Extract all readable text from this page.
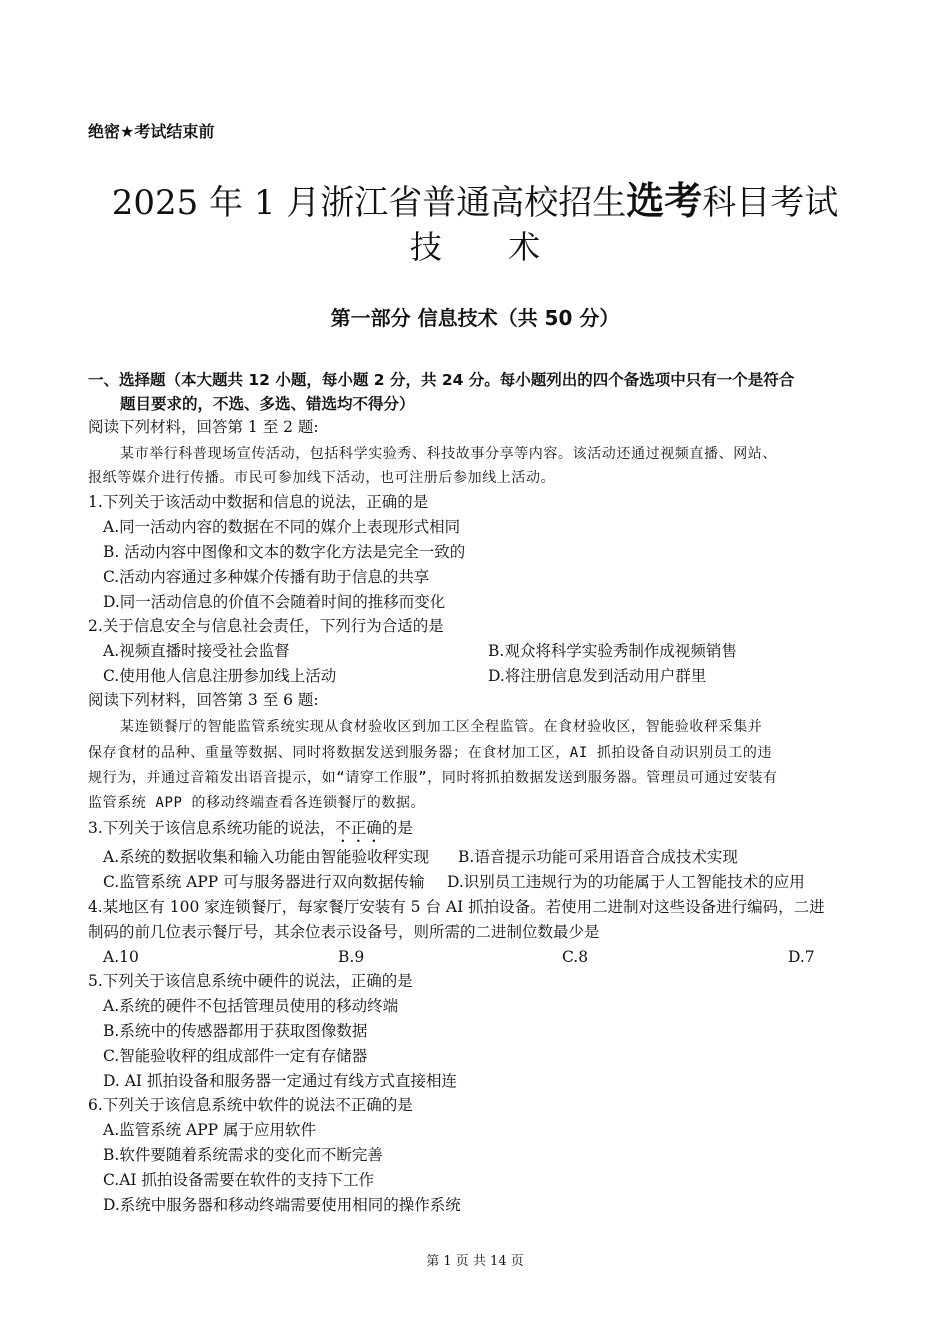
绝密★考试结束前
2025 年 1 月浙江省普通高校招生选考科目考试
技 术
第一部分 信息技术（共 50 分）
一、选择题（本大题共 12 小题，每小题 2 分，共 24 分。每小题列出的四个备选项中只有一个是符合
题目要求的，不选、多选、错选均不得分）
阅读下列材料，回答第 1 至 2 题:
某市举行科普现场宣传活动，包括科学实验秀、科技故事分享等内容。该活动还通过视频直播、网站、
报纸等媒介进行传播。市民可参加线下活动，也可注册后参加线上活动。
1.下列关于该活动中数据和信息的说法，正确的是
A.同一活动内容的数据在不同的媒介上表现形式相同
B. 活动内容中图像和文本的数字化方法是完全一致的
C.活动内容通过多种媒介传播有助于信息的共享
D.同一活动信息的价值不会随着时间的推移而变化
2.关于信息安全与信息社会责任，下列行为合适的是
A.视频直播时接受社会监督	B.观众将科学实验秀制作成视频销售
C.使用他人信息注册参加线上活动	D.将注册信息发到活动用户群里
阅读下列材料，回答第 3 至 6 题:
某连锁餐厅的智能监管系统实现从食材验收区到加工区全程监管。在食材验收区，智能验收秤采集并
保存食材的品种、重量等数据、同时将数据发送到服务器；在食材加工区，AI 抓拍设备自动识别员工的违
规行为，并通过音箱发出语音提示，如“请穿工作服”，同时将抓拍数据发送到服务器。管理员可通过安装有
监管系统 APP 的移动终端查看各连锁餐厅的数据。
3.下列关于该信息系统功能的说法，不正确的是
A.系统的数据收集和输入功能由智能验收秤实现 B.语音提示功能可采用语音合成技术实现
C.监管系统 APP 可与服务器进行双向数据传输 D.识别员工违规行为的功能属于人工智能技术的应用
4.某地区有 100 家连锁餐厅，每家餐厅安装有 5 台 AI 抓拍设备。若使用二进制对这些设备进行编码，二进
制码的前几位表示餐厅号，其余位表示设备号，则所需的二进制位数最少是
A.10	B.9	C.8	D.7
5.下列关于该信息系统中硬件的说法，正确的是
A.系统的硬件不包括管理员使用的移动终端
B.系统中的传感器都用于获取图像数据
C.智能验收秤的组成部件一定有存储器
D. AI 抓拍设备和服务器一定通过有线方式直接相连
6.下列关于该信息系统中软件的说法不正确的是
A.监管系统 APP 属于应用软件
B.软件要随着系统需求的变化而不断完善
C.AI 抓拍设备需要在软件的支持下工作
D.系统中服务器和移动终端需要使用相同的操作系统
第 1 页 共 14 页
